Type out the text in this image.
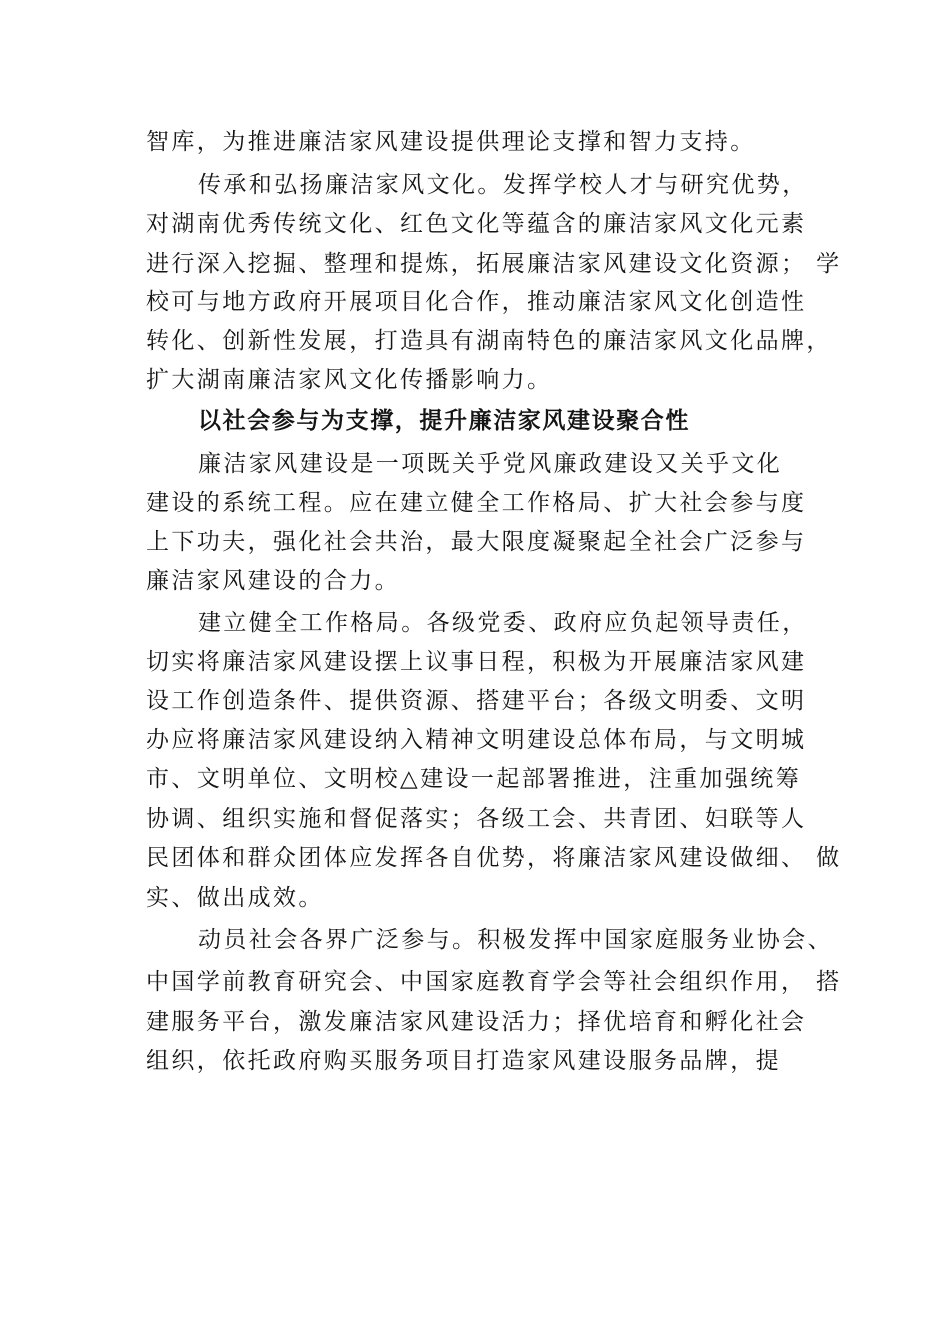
智库，为推进廉洁家风建设提供理论支撑和智力支持。
传承和弘扬廉洁家风文化。发挥学校人才与研究优势，
对湖南优秀传统文化、红色文化等蕴含的廉洁家风文化元素
进行深入挖掘、整理和提炼，拓展廉洁家风建设文化资源； 学
校可与地方政府开展项目化合作，推动廉洁家风文化创造性
转化、创新性发展，打造具有湖南特色的廉洁家风文化品牌，
扩大湖南廉洁家风文化传播影响力。
以社会参与为支撑，提升廉洁家风建设聚合性
廉洁家风建设是一项既关乎党风廉政建设又关乎文化
建设的系统工程。应在建立健全工作格局、扩大社会参与度
上下功夫，强化社会共治，最大限度凝聚起全社会广泛参与
廉洁家风建设的合力。
建立健全工作格局。各级党委、政府应负起领导责任，
切实将廉洁家风建设摆上议事日程，积极为开展廉洁家风建
设工作创造条件、提供资源、搭建平台；各级文明委、文明
办应将廉洁家风建设纳入精神文明建设总体布局，与文明城
市、文明单位、文明校△建设一起部署推进，注重加强统筹
协调、组织实施和督促落实；各级工会、共青团、妇联等人
民团体和群众团体应发挥各自优势，将廉洁家风建设做细、 做
实、做出成效。
动员社会各界广泛参与。积极发挥中国家庭服务业协会、
中国学前教育研究会、中国家庭教育学会等社会组织作用， 搭
建服务平台，激发廉洁家风建设活力；择优培育和孵化社会
组织，依托政府购买服务项目打造家风建设服务品牌，提
